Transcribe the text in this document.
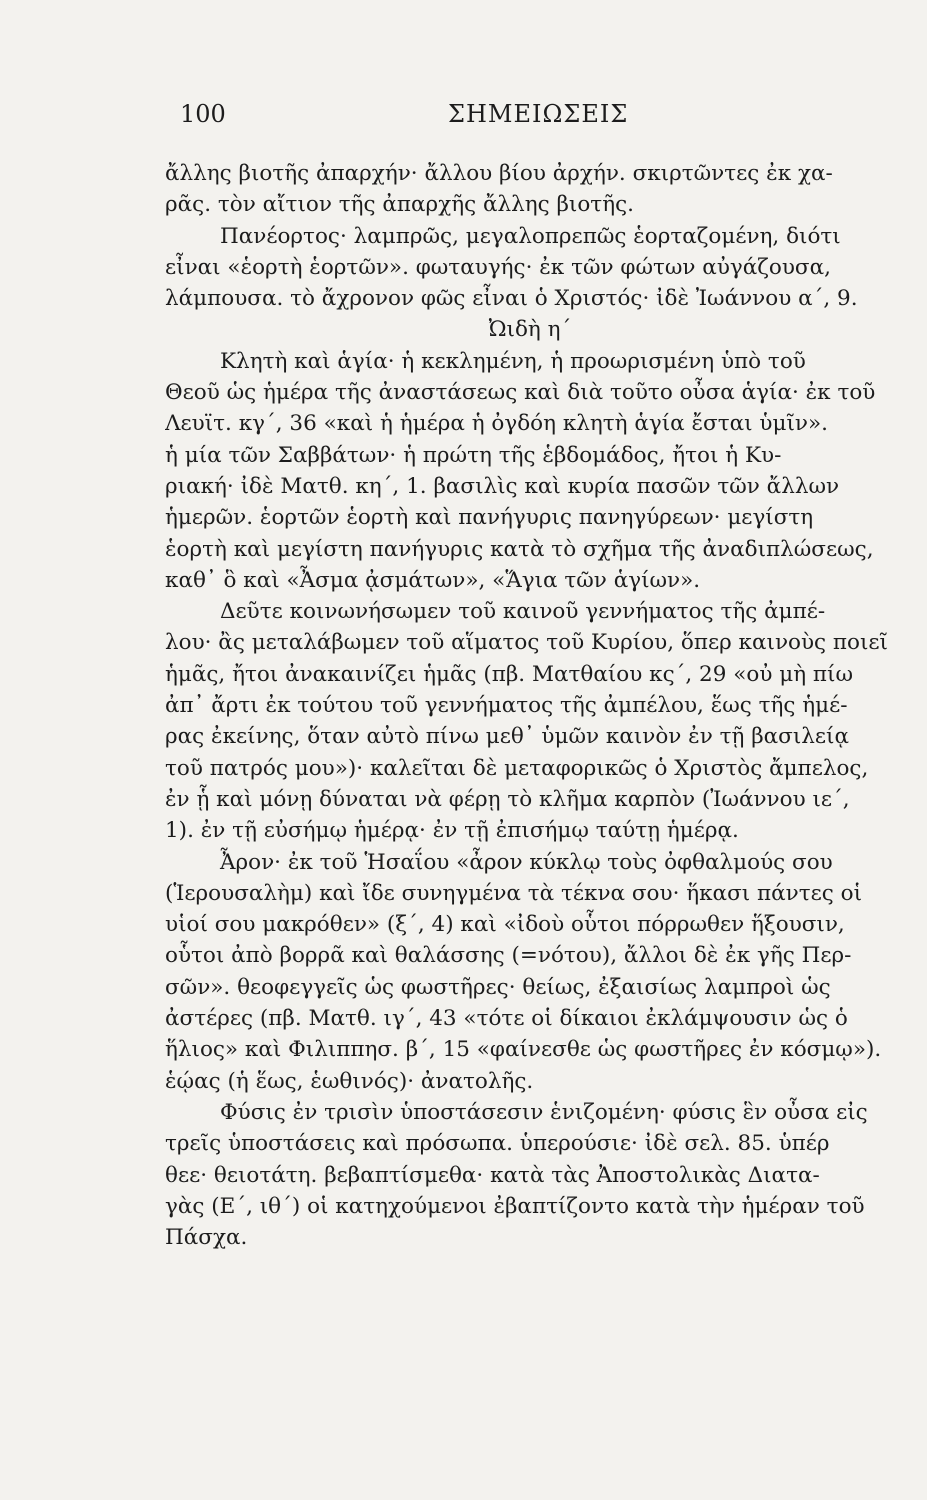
100	ΣΗΜΕΙΩΣΕΙΣ
ἄλλης βιοτῆς ἀπαρχήν· ἄλλου βίου ἀρχήν. σκιρτῶντες ἐκ χα-
ρᾶς. τὸν αἴτιον τῆς ἀπαρχῆς ἄλλης βιοτῆς.
Πανέορτος· λαμπρῶς, μεγαλοπρεπῶς ἑορταζομένη, διότι
εἶναι «ἑορτὴ ἑορτῶν». φωταυγής· ἐκ τῶν φώτων αὐγάζουσα,
λάμπουσα. τὸ ἄχρονον φῶς εἶναι ὁ Χριστός· ἰδὲ Ἰωάννου α΄, 9.
Ὠιδὴ η΄
Κλητὴ καὶ ἁγία· ἡ κεκλημένη, ἡ προωρισμένη ὑπὸ τοῦ
Θεοῦ ὡς ἡμέρα τῆς ἀναστάσεως καὶ διὰ τοῦτο οὖσα ἁγία· ἐκ τοῦ
Λευϊτ. κγ΄, 36 «καὶ ἡ ἡμέρα ἡ ὀγδόη κλητὴ ἁγία ἔσται ὑμῖν».
ἡ μία τῶν Σαββάτων· ἡ πρώτη τῆς ἑβδομάδος, ἤτοι ἡ Κυ-
ριακή· ἰδὲ Ματθ. κη΄, 1. βασιλὶς καὶ κυρία πασῶν τῶν ἄλλων
ἡμερῶν. ἑορτῶν ἑορτὴ καὶ πανήγυρις πανηγύρεων· μεγίστη
ἑορτὴ καὶ μεγίστη πανήγυρις κατὰ τὸ σχῆμα τῆς ἀναδιπλώσεως,
καθ᾽ ὃ καὶ «Ἆσμα ᾀσμάτων», «Ἅγια τῶν ἁγίων».
Δεῦτε κοινωνήσωμεν τοῦ καινοῦ γεννήματος τῆς ἀμπέ-
λου· ἂς μεταλάβωμεν τοῦ αἵματος τοῦ Κυρίου, ὅπερ καινοὺς ποιεῖ
ἡμᾶς, ἤτοι ἀνακαινίζει ἡμᾶς (πβ. Ματθαίου κς΄, 29 «οὐ μὴ πίω
ἀπ᾽ ἄρτι ἐκ τούτου τοῦ γεννήματος τῆς ἀμπέλου, ἕως τῆς ἡμέ-
ρας ἐκείνης, ὅταν αὐτὸ πίνω μεθ᾽ ὑμῶν καινὸν ἐν τῇ βασιλείᾳ
τοῦ πατρός μου»)· καλεῖται δὲ μεταφορικῶς ὁ Χριστὸς ἄμπελος,
ἐν ᾗ καὶ μόνῃ δύναται νὰ φέρῃ τὸ κλῆμα καρπὸν (Ἰωάννου ιε΄,
1). ἐν τῇ εὐσήμῳ ἡμέρᾳ· ἐν τῇ ἐπισήμῳ ταύτῃ ἡμέρᾳ.
Ἆρον· ἐκ τοῦ Ἡσαΐου «ἆρον κύκλῳ τοὺς ὀφθαλμούς σου
(Ἱερουσαλὴμ) καὶ ἴδε συνηγμένα τὰ τέκνα σου· ἥκασι πάντες οἱ
υἱοί σου μακρόθεν» (ξ΄, 4) καὶ «ἰδοὺ οὗτοι πόρρωθεν ἥξουσιν,
οὗτοι ἀπὸ βορρᾶ καὶ θαλάσσης (=νότου), ἄλλοι δὲ ἐκ γῆς Περ-
σῶν». θεοφεγγεῖς ὡς φωστῆρες· θείως, ἐξαισίως λαμπροὶ ὡς
ἀστέρες (πβ. Ματθ. ιγ΄, 43 «τότε οἱ δίκαιοι ἐκλάμψουσιν ὡς ὁ
ἥλιος» καὶ Φιλιππησ. β΄, 15 «φαίνεσθε ὡς φωστῆρες ἐν κόσμῳ»).
ἑῴας (ἡ ἕως, ἑωθινός)· ἀνατολῆς.
Φύσις ἐν τρισὶν ὑποστάσεσιν ἑνιζομένη· φύσις ἓν οὖσα εἰς
τρεῖς ὑποστάσεις καὶ πρόσωπα. ὑπερούσιε· ἰδὲ σελ. 85. ὑπέρ
θεε· θειοτάτη. βεβαπτίσμεθα· κατὰ τὰς Ἀποστολικὰς Διατα-
γὰς (Ε΄, ιθ΄) οἱ κατηχούμενοι ἐβαπτίζοντο κατὰ τὴν ἡμέραν τοῦ
Πάσχα.
